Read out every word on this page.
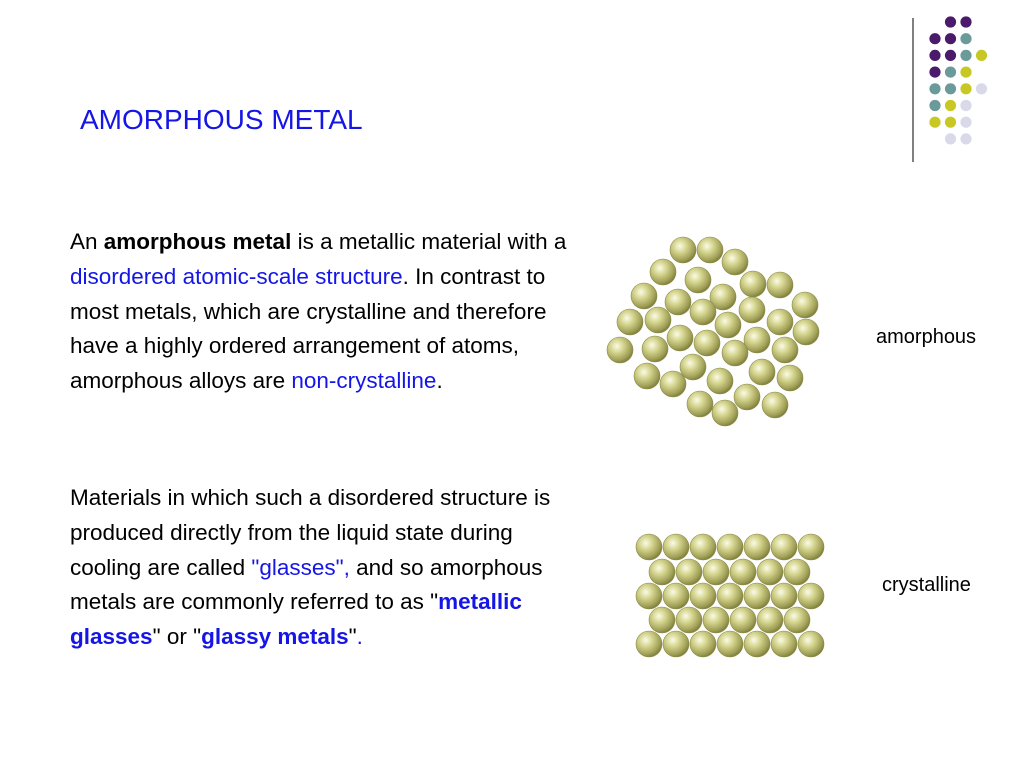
AMORPHOUS METAL

An amorphous metal is a metallic material with a disordered atomic-scale structure. In contrast to most metals, which are crystalline and therefore have a highly ordered arrangement of atoms, amorphous alloys are non-crystalline.

Materials in which such a disordered structure is produced directly from the liquid state during cooling are called "glasses", and so amorphous metals are commonly referred to as "metallic glasses" or "glassy metals".

amorphous
crystalline
